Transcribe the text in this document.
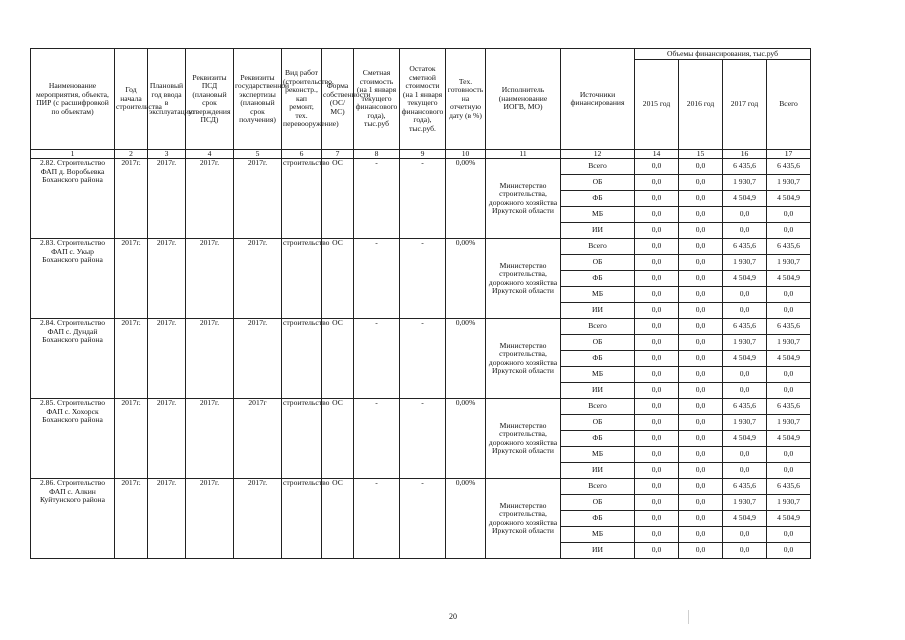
Наименование мероприятия, объекта, ПИР (с расшифровкой по объектам)	Год начала строительства	Плановый год ввода в эксплуатацию	Реквизиты ПСД (плановый срок утверждения ПСД)	Реквизиты государственной экспертизы (плановый срок получения)	Вид работ (строительство, реконстр., кап ремонт, тех. перевооружение)	Форма собственности (ОС/МС)	Сметная стоимость (на 1 января текущего финансового года), тыс.руб	Остаток сметной стоимости (на 1 января текущего финансового года), тыс.руб.	Тех. готовность на отчетную дату (в %)	Исполнитель (наименование ИОГВ, МО)	Источники финансирования	Объемы финансирования, тыс.руб			
												2015 год	2016 год	2017 год	Всего
1	2	3	4	5	6	7	8	9	10	11	12	14	15	16	17
2.82. Строительство ФАП д. Воробьевка Боханского района	2017г.	2017г.	2017г.	2017г.	строительство	ОС	-	-	0,00%	Министерство строительства, дорожного хозяйства Иркутской области	Всего	0,0	0,0	6 435,6	6 435,6
											ОБ	0,0	0,0	1 930,7	1 930,7
											ФБ	0,0	0,0	4 504,9	4 504,9
											МБ	0,0	0,0	0,0	0,0
											ИИ	0,0	0,0	0,0	0,0
2.83. Строительство ФАП с. Укыр Боханского района	2017г.	2017г.	2017г.	2017г.	строительство	ОС	-	-	0,00%	Министерство строительства, дорожного хозяйства Иркутской области	Всего	0,0	0,0	6 435,6	6 435,6
											ОБ	0,0	0,0	1 930,7	1 930,7
											ФБ	0,0	0,0	4 504,9	4 504,9
											МБ	0,0	0,0	0,0	0,0
											ИИ	0,0	0,0	0,0	0,0
2.84. Строительство ФАП с. Дундай Боханского района	2017г.	2017г.	2017г.	2017г.	строительство	ОС	-	-	0,00%	Министерство строительства, дорожного хозяйства Иркутской области	Всего	0,0	0,0	6 435,6	6 435,6
											ОБ	0,0	0,0	1 930,7	1 930,7
											ФБ	0,0	0,0	4 504,9	4 504,9
											МБ	0,0	0,0	0,0	0,0
											ИИ	0,0	0,0	0,0	0,0
2.85. Строительство ФАП с. Хохорск Боханского района	2017г.	2017г.	2017г.	2017г	строительство	ОС	-	-	0,00%	Министерство строительства, дорожного хозяйства Иркутской области	Всего	0,0	0,0	6 435,6	6 435,6
											ОБ	0,0	0,0	1 930,7	1 930,7
											ФБ	0,0	0,0	4 504,9	4 504,9
											МБ	0,0	0,0	0,0	0,0
											ИИ	0,0	0,0	0,0	0,0
2.86. Строительство ФАП с. Алкин Куйтунского района	2017г.	2017г.	2017г.	2017г.	строительство	ОС	-	-	0,00%	Министерство строительства, дорожного хозяйства Иркутской области	Всего	0,0	0,0	6 435,6	6 435,6
											ОБ	0,0	0,0	1 930,7	1 930,7
											ФБ	0,0	0,0	4 504,9	4 504,9
											МБ	0,0	0,0	0,0	0,0
											ИИ	0,0	0,0	0,0	0,0
20
